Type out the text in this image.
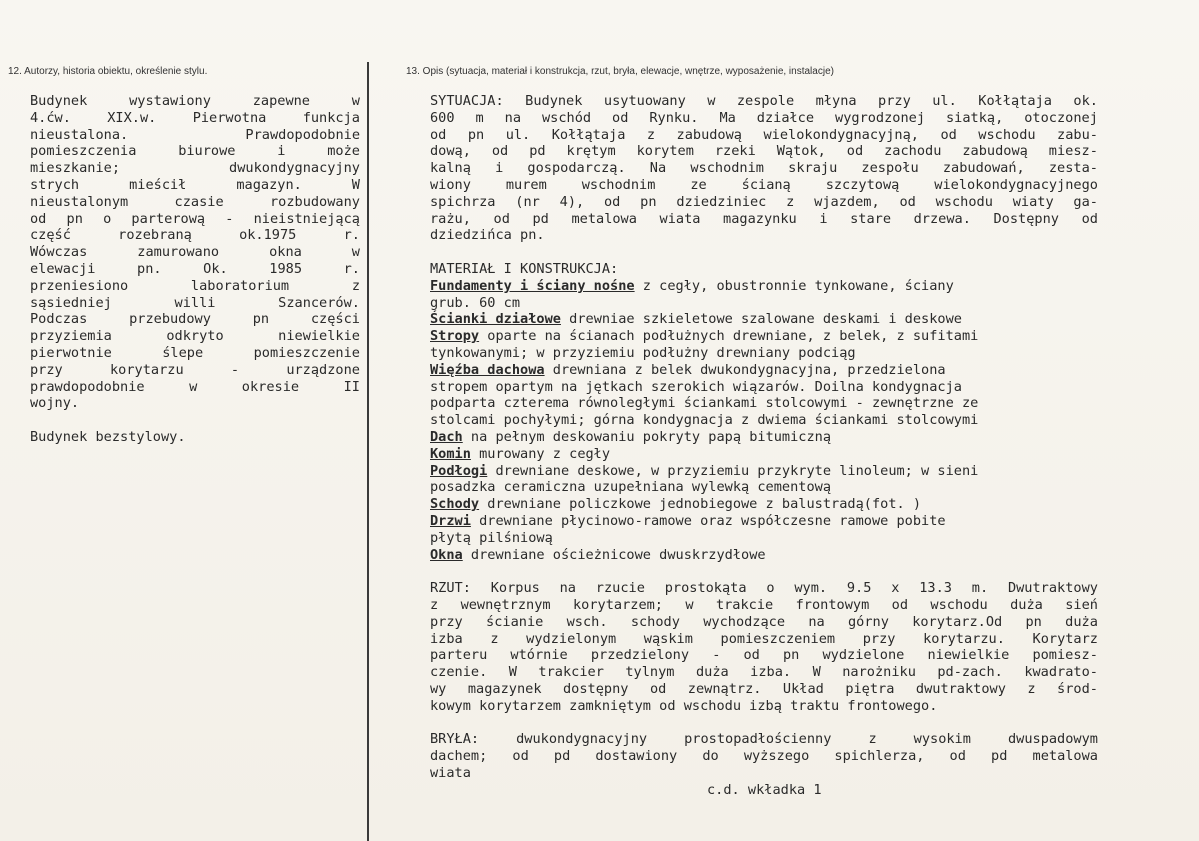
12. Autorzy, historia obiektu, określenie stylu.	13. Opis (sytuacja, materiał i konstrukcja, rzut, bryła, elewacje, wnętrze, wyposażenie, instalacje)
Budynek	wystawiony	zapewne	w
4.ćw.	XIX.w.	Pierwotna	funkcja
nieustalona.	Prawdopodobnie
pomieszczenia	biurowe	i	może
mieszkanie;	dwukondygnacyjny
strych	mieścił	magazyn.	W
nieustalonym	czasie	rozbudowany
od pn o parterową - nieistniejącą
część	rozebraną	ok.1975	r.
Wówczas	zamurowano	okna	w
elewacji	pn.	Ok.	1985	r.
przeniesiono	laboratorium	z
sąsiedniej	willi	Szancerów.
Podczas	przebudowy	pn	części
przyziemia	odkryto	niewielkie
pierwotnie	ślepe	pomieszczenie
przy	korytarzu	-	urządzone
prawdopodobnie	w	okresie	II
wojny.
Budynek bezstylowy.
SYTUACJA: Budynek usytuowany w zespole młyna przy ul. Kołłątaja ok.
600 m na wschód od Rynku. Ma działce wygrodzonej siatką, otoczonej
od pn ul. Kołłątaja z zabudową wielokondygnacyjną, od wschodu zabu-
dową, od pd krętym korytem rzeki Wątok, od zachodu zabudową miesz-
kalną i gospodarczą. Na wschodnim skraju zespołu zabudowań, zesta-
wiony	murem	wschodnim	ze	ścianą	szczytową	wielokondygnacyjnego
spichrza (nr 4), od pn dziedziniec z wjazdem, od wschodu wiaty ga-
rażu, od pd metalowa wiata magazynku i stare drzewa. Dostępny od
dziedzińca pn.
MATERIAŁ I KONSTRUKCJA:
Fundamenty i ściany nośne z cegły, obustronnie tynkowane, ściany
grub. 60 cm
Ścianki działowe drewniae szkieletowe szalowane deskami i deskowe
Stropy oparte na ścianach podłużnych drewniane, z belek, z sufitami
tynkowanymi; w przyziemiu podłużny drewniany podciąg
Więźba dachowa drewniana z belek dwukondygnacyjna, przedzielona
stropem opartym na jętkach szerokich wiązarów. Doilna kondygnacja
podparta czterema równoległymi ściankami stolcowymi - zewnętrzne ze
stolcami pochyłymi; górna kondygnacja z dwiema ściankami stolcowymi
Dach na pełnym deskowaniu pokryty papą bitumiczną
Komin murowany z cegły
Podłogi drewniane deskowe, w przyziemiu przykryte linoleum; w sieni
posadzka ceramiczna uzupełniana wylewką cementową
Schody drewniane policzkowe jednobiegowe z balustradą(fot. )
Drzwi drewniane płycinowo-ramowe oraz współczesne ramowe pobite
płytą pilśniową
Okna drewniane ościeżnicowe dwuskrzydłowe
RZUT: Korpus na rzucie prostokąta o wym. 9.5 x 13.3 m. Dwutraktowy
z wewnętrznym korytarzem; w trakcie frontowym od wschodu duża sień
przy ścianie wsch. schody wychodzące na górny korytarz.Od pn duża
izba z wydzielonym wąskim pomieszczeniem przy korytarzu. Korytarz
parteru wtórnie przedzielony - od pn wydzielone niewielkie pomiesz-
czenie. W trakcier tylnym duża izba. W narożniku pd-zach. kwadrato-
wy magazynek dostępny od zewnątrz. Układ piętra dwutraktowy z środ-
kowym korytarzem zamkniętym od wschodu izbą traktu frontowego.
BRYŁA:	dwukondygnacyjny	prostopadłościenny	z	wysokim	dwuspadowym
dachem; od pd dostawiony do wyższego spichlerza, od pd metalowa
wiata
c.d. wkładka 1
